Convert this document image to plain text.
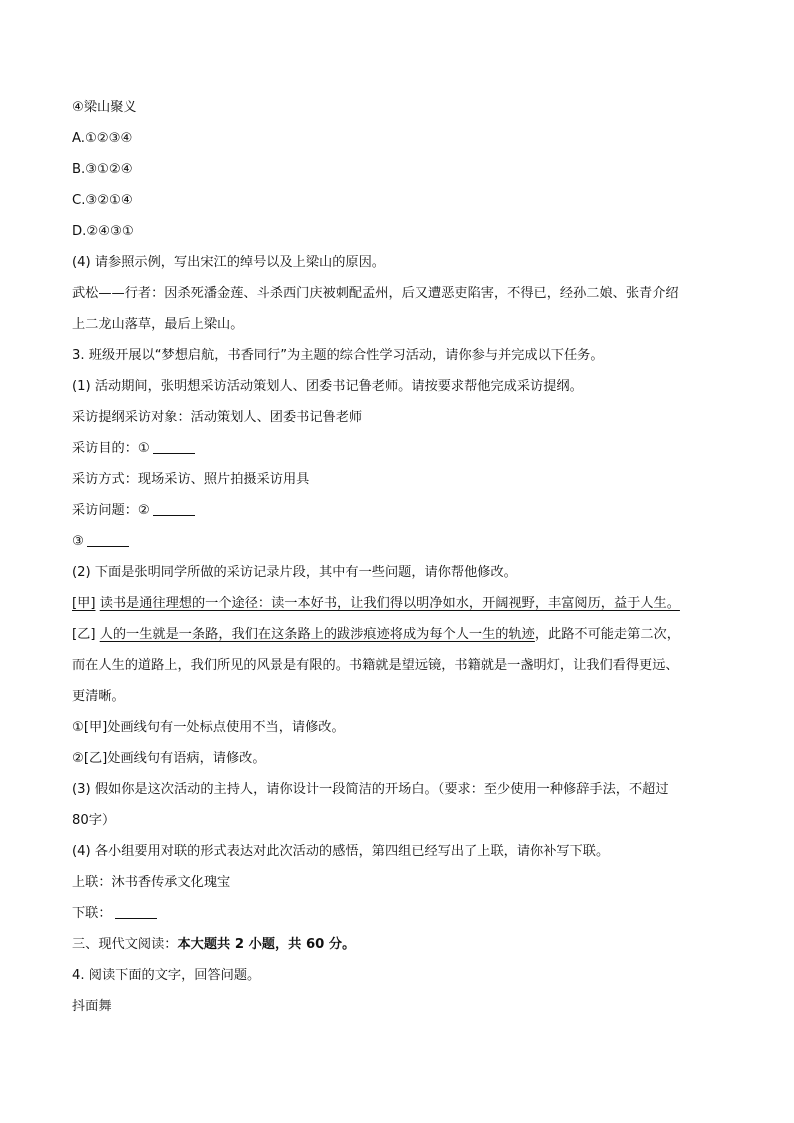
④梁山聚义
A.①②③④
B.③①②④
C.③②①④
D.②④③①
(4) 请参照示例，写出宋江的绰号以及上梁山的原因。
武松——行者：因杀死潘金莲、斗杀西门庆被刺配孟州，后又遭恶吏陷害，不得已，经孙二娘、张青介绍
上二龙山落草，最后上梁山。
3. 班级开展以“梦想启航，书香同行”为主题的综合性学习活动，请你参与并完成以下任务。
(1) 活动期间，张明想采访活动策划人、团委书记鲁老师。请按要求帮他完成采访提纲。
采访提纲采访对象：活动策划人、团委书记鲁老师
采访目的：①
采访方式：现场采访、照片拍摄采访用具
采访问题：②
③
(2) 下面是张明同学所做的采访记录片段，其中有一些问题，请你帮他修改。
[甲] 读书是通往理想的一个途径：读一本好书，让我们得以明净如水，开阔视野，丰富阅历，益于人生。
[乙] 人的一生就是一条路，我们在这条路上的跋涉痕迹将成为每个人一生的轨迹，此路不可能走第二次，
而在人生的道路上，我们所见的风景是有限的。书籍就是望远镜，书籍就是一盏明灯，让我们看得更远、
更清晰。
①[甲]处画线句有一处标点使用不当，请修改。
②[乙]处画线句有语病，请修改。
(3) 假如你是这次活动的主持人，请你设计一段简洁的开场白。（要求：至少使用一种修辞手法，不超过
80字）
(4) 各小组要用对联的形式表达对此次活动的感悟，第四组已经写出了上联，请你补写下联。
上联：沐书香传承文化瑰宝
下联：
三、现代文阅读：本大题共 2 小题，共 60 分。
4. 阅读下面的文字，回答问题。
抖面舞
